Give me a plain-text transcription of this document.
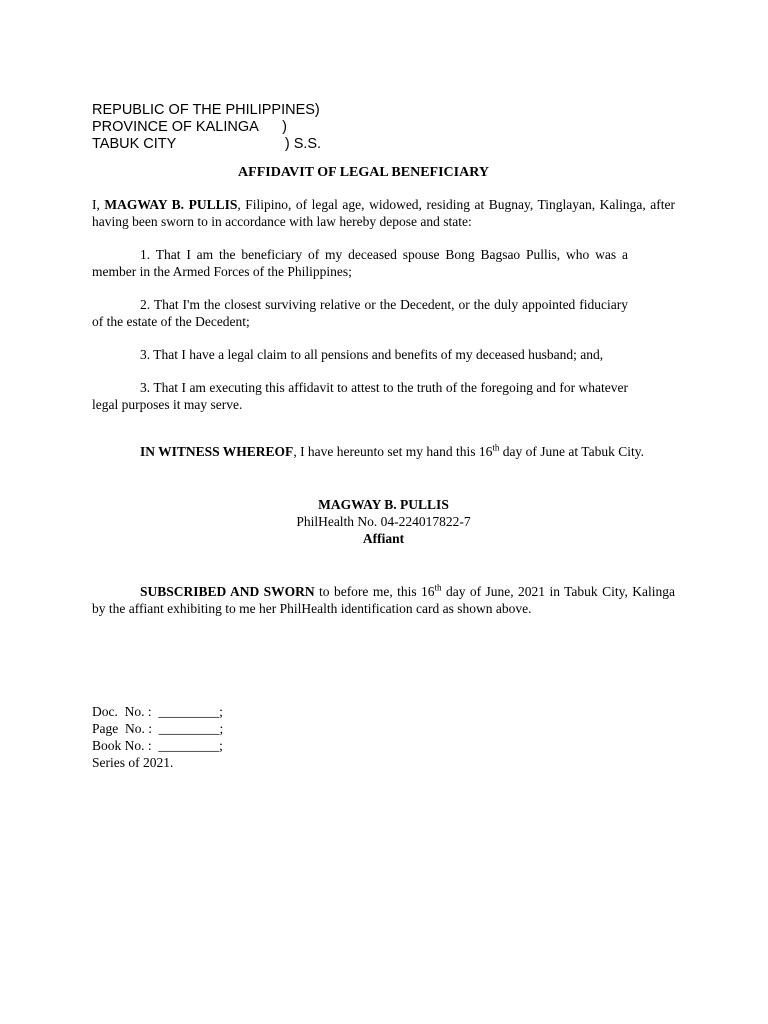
REPUBLIC OF THE PHILIPPINES)
PROVINCE OF KALINGA      )
TABUK CITY                           ) S.S.
AFFIDAVIT OF LEGAL BENEFICIARY

I, MAGWAY B. PULLIS, Filipino, of legal age, widowed, residing at Bugnay, Tinglayan, Kalinga, after having been sworn to in accordance with law hereby depose and state:

1. That I am the beneficiary of my deceased spouse Bong Bagsao Pullis, who was a member in the Armed Forces of the Philippines;

2. That I'm the closest surviving relative or the Decedent, or the duly appointed fiduciary of the estate of the Decedent;

3. That I have a legal claim to all pensions and benefits of my deceased husband; and,

3. That I am executing this affidavit to attest to the truth of the foregoing and for whatever legal purposes it may serve.

IN WITNESS WHEREOF, I have hereunto set my hand this 16th day of June at Tabuk City.

MAGWAY B. PULLIS
PhilHealth No. 04-224017822-7
Affiant

SUBSCRIBED AND SWORN to before me, this 16th day of June, 2021 in Tabuk City, Kalinga by the affiant exhibiting to me her PhilHealth identification card as shown above.

Doc.  No. :  _________;
Page  No. :  _________;
Book No. :  _________;
Series of 2021.
